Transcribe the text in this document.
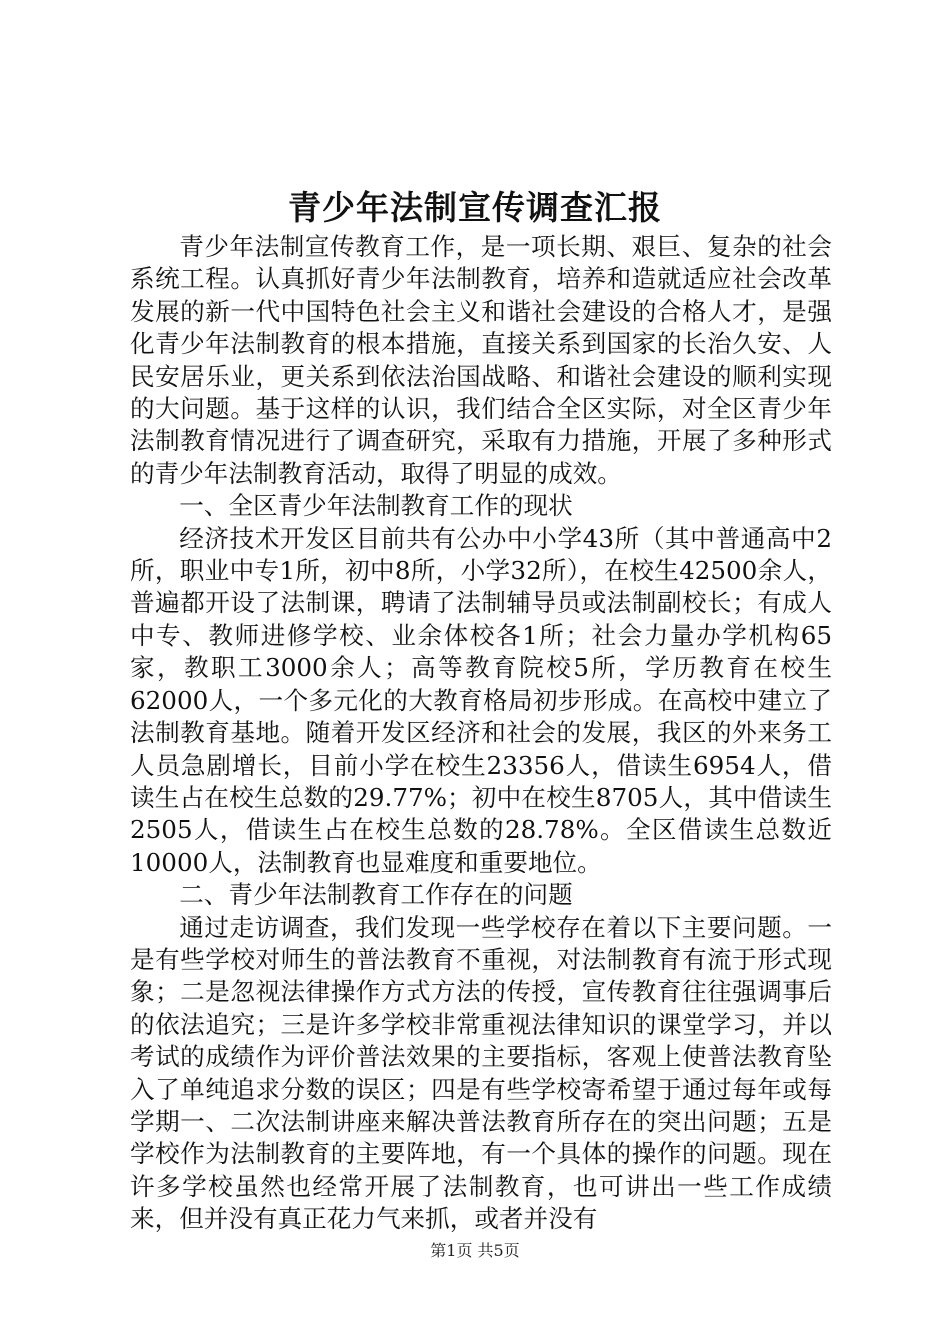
青少年法制宣传调查汇报

青少年法制宣传教育工作，是一项长期、艰巨、复杂的社会系统工程。认真抓好青少年法制教育，培养和造就适应社会改革发展的新一代中国特色社会主义和谐社会建设的合格人才，是强化青少年法制教育的根本措施，直接关系到国家的长治久安、人民安居乐业，更关系到依法治国战略、和谐社会建设的顺利实现的大问题。基于这样的认识，我们结合全区实际，对全区青少年法制教育情况进行了调查研究，采取有力措施，开展了多种形式的青少年法制教育活动，取得了明显的成效。

一、全区青少年法制教育工作的现状

经济技术开发区目前共有公办中小学43所（其中普通高中2所，职业中专1所，初中8所，小学32所），在校生42500余人，普遍都开设了法制课，聘请了法制辅导员或法制副校长；有成人中专、教师进修学校、业余体校各1所；社会力量办学机构65家，教职工3000余人；高等教育院校5所，学历教育在校生62000人，一个多元化的大教育格局初步形成。在高校中建立了法制教育基地。随着开发区经济和社会的发展，我区的外来务工人员急剧增长，目前小学在校生23356人，借读生6954人，借读生占在校生总数的29.77%；初中在校生8705人，其中借读生2505人，借读生占在校生总数的28.78%。全区借读生总数近10000人，法制教育也显难度和重要地位。

二、青少年法制教育工作存在的问题

通过走访调查，我们发现一些学校存在着以下主要问题。一是有些学校对师生的普法教育不重视，对法制教育有流于形式现象；二是忽视法律操作方式方法的传授，宣传教育往往强调事后的依法追究；三是许多学校非常重视法律知识的课堂学习，并以考试的成绩作为评价普法效果的主要指标，客观上使普法教育坠入了单纯追求分数的误区；四是有些学校寄希望于通过每年或每学期一、二次法制讲座来解决普法教育所存在的突出问题；五是学校作为法制教育的主要阵地，有一个具体的操作的问题。现在许多学校虽然也经常开展了法制教育，也可讲出一些工作成绩来，但并没有真正花力气来抓，或者并没有

第1页 共5页
